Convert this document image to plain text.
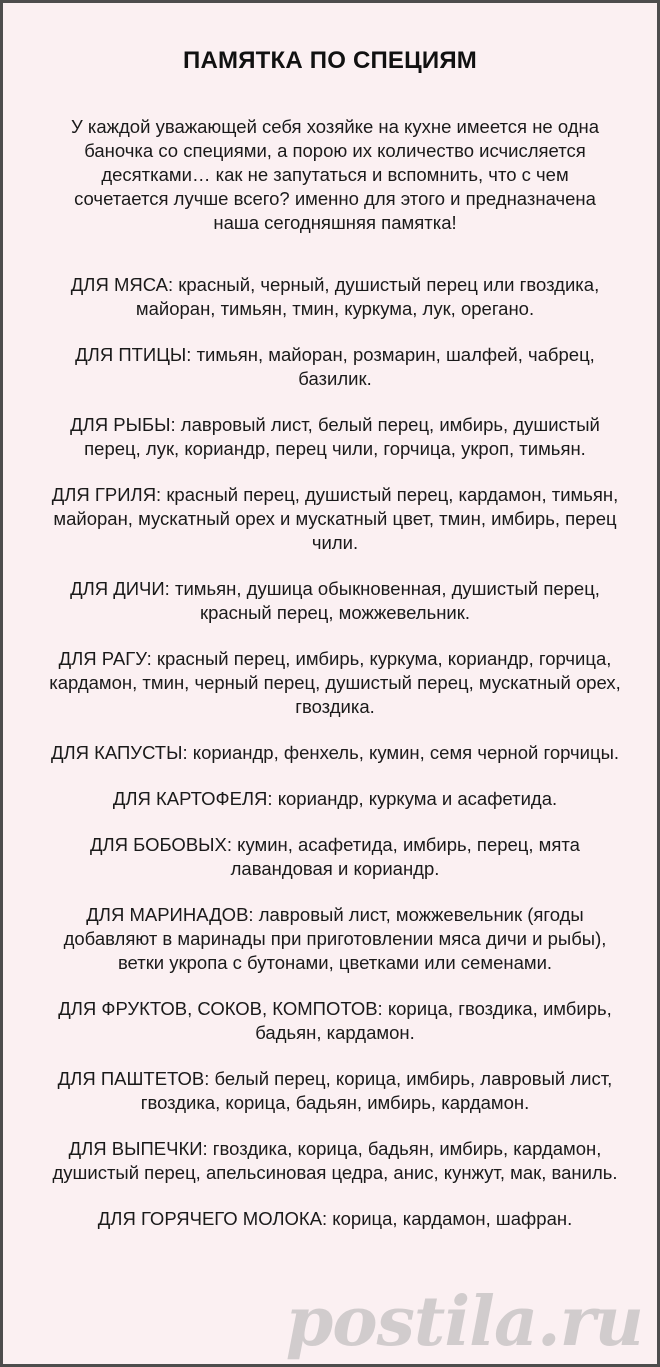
ПАМЯТКА ПО СПЕЦИЯМ
У каждой уважающей себя хозяйке на кухне имеется не одна баночка со специями, а порою их количество исчисляется десятками… как не запутаться и вспомнить, что с чем сочетается лучше всего? именно для этого и предназначена наша сегодняшняя памятка!

ДЛЯ МЯСА: красный, черный, душистый перец или гвоздика, майоран, тимьян, тмин, куркума, лук, орегано.

ДЛЯ ПТИЦЫ: тимьян, майоран, розмарин, шалфей, чабрец, базилик.

ДЛЯ РЫБЫ: лавровый лист, белый перец, имбирь, душистый перец, лук, кориандр, перец чили, горчица, укроп, тимьян.

ДЛЯ ГРИЛЯ: красный перец, душистый перец, кардамон, тимьян, майоран, мускатный орех и мускатный цвет, тмин, имбирь, перец чили.

ДЛЯ ДИЧИ: тимьян, душица обыкновенная, душистый перец, красный перец, можжевельник.

ДЛЯ РАГУ: красный перец, имбирь, куркума, кориандр, горчица, кардамон, тмин, черный перец, душистый перец, мускатный орех, гвоздика.

ДЛЯ КАПУСТЫ: кориандр, фенхель, кумин, семя черной горчицы.

ДЛЯ КАРТОФЕЛЯ: кориандр, куркума и асафетида.

ДЛЯ БОБОВЫХ: кумин, асафетида, имбирь, перец, мята лавандовая и кориандр.

ДЛЯ МАРИНАДОВ: лавровый лист, можжевельник (ягоды добавляют в маринады при приготовлении мяса дичи и рыбы), ветки укропа с бутонами, цветками или семенами.

ДЛЯ ФРУКТОВ, СОКОВ, КОМПОТОВ: корица, гвоздика, имбирь, бадьян, кардамон.

ДЛЯ ПАШТЕТОВ: белый перец, корица, имбирь, лавровый лист, гвоздика, корица, бадьян, имбирь, кардамон.

ДЛЯ ВЫПЕЧКИ: гвоздика, корица, бадьян, имбирь, кардамон, душистый перец, апельсиновая цедра, анис, кунжут, мак, ваниль.

ДЛЯ ГОРЯЧЕГО МОЛОКА: корица, кардамон, шафран.

postila.ru
